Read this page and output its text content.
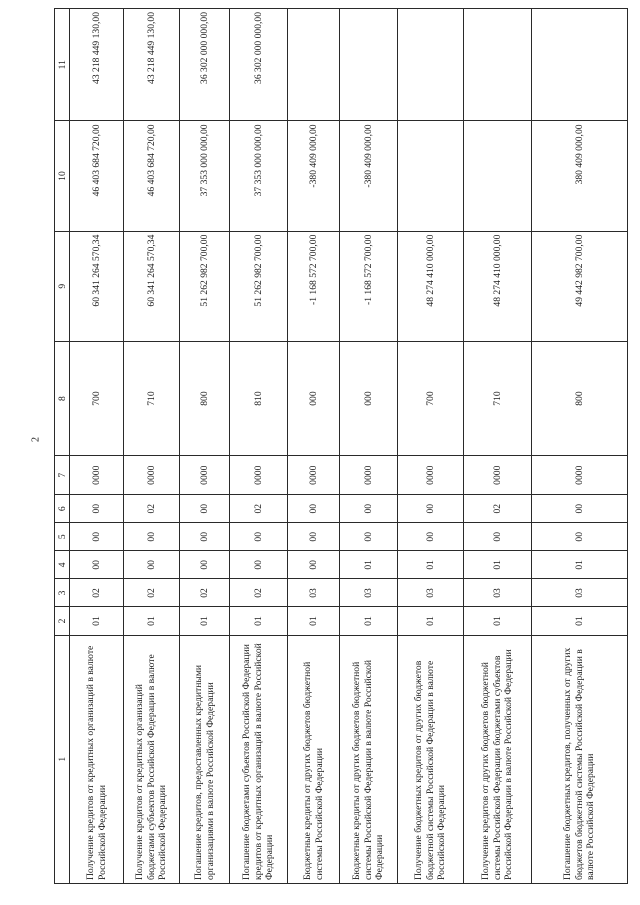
2
1	2	3	4	5	6	7	8	9	10	11
Получение кредитов от кредитных организаций в валюте Российской Федерации	01	02	00	00	00	0000	700	60 341 264 570,34	46 403 684 720,00	43 218 449 130,00
Получение кредитов от кредитных организаций бюджетами субъектов Российской Федерации в валюте Российской Федерации	01	02	00	00	02	0000	710	60 341 264 570,34	46 403 684 720,00	43 218 449 130,00
Погашение кредитов, предоставленных кредитными организациями в валюте Российской Федерации	01	02	00	00	00	0000	800	51 262 982 700,00	37 353 000 000,00	36 302 000 000,00
Погашение бюджетами субъектов Российской Федерации кредитов от кредитных организаций в валюте Российской Федерации	01	02	00	00	02	0000	810	51 262 982 700,00	37 353 000 000,00	36 302 000 000,00
Бюджетные кредиты от других бюджетов бюджетной системы Российской Федерации	01	03	00	00	00	0000	000	-1 168 572 700,00	-380 409 000,00	
Бюджетные кредиты от других бюджетов бюджетной системы Российской Федерации в валюте Российской Федерации	01	03	01	00	00	0000	000	-1 168 572 700,00	-380 409 000,00	
Получение бюджетных кредитов от других бюджетов бюджетной системы Российской Федерации в валюте Российской Федерации	01	03	01	00	00	0000	700	48 274 410 000,00		
Получение кредитов от других бюджетов бюджетной системы Российской Федерации бюджетами субъектов Российской Федерации в валюте Российской Федерации	01	03	01	00	02	0000	710	48 274 410 000,00		
Погашение бюджетных кредитов, полученных от других бюджетов бюджетной системы Российской Федерации в валюте Российской Федерации	01	03	01	00	00	0000	800	49 442 982 700,00	380 409 000,00	
